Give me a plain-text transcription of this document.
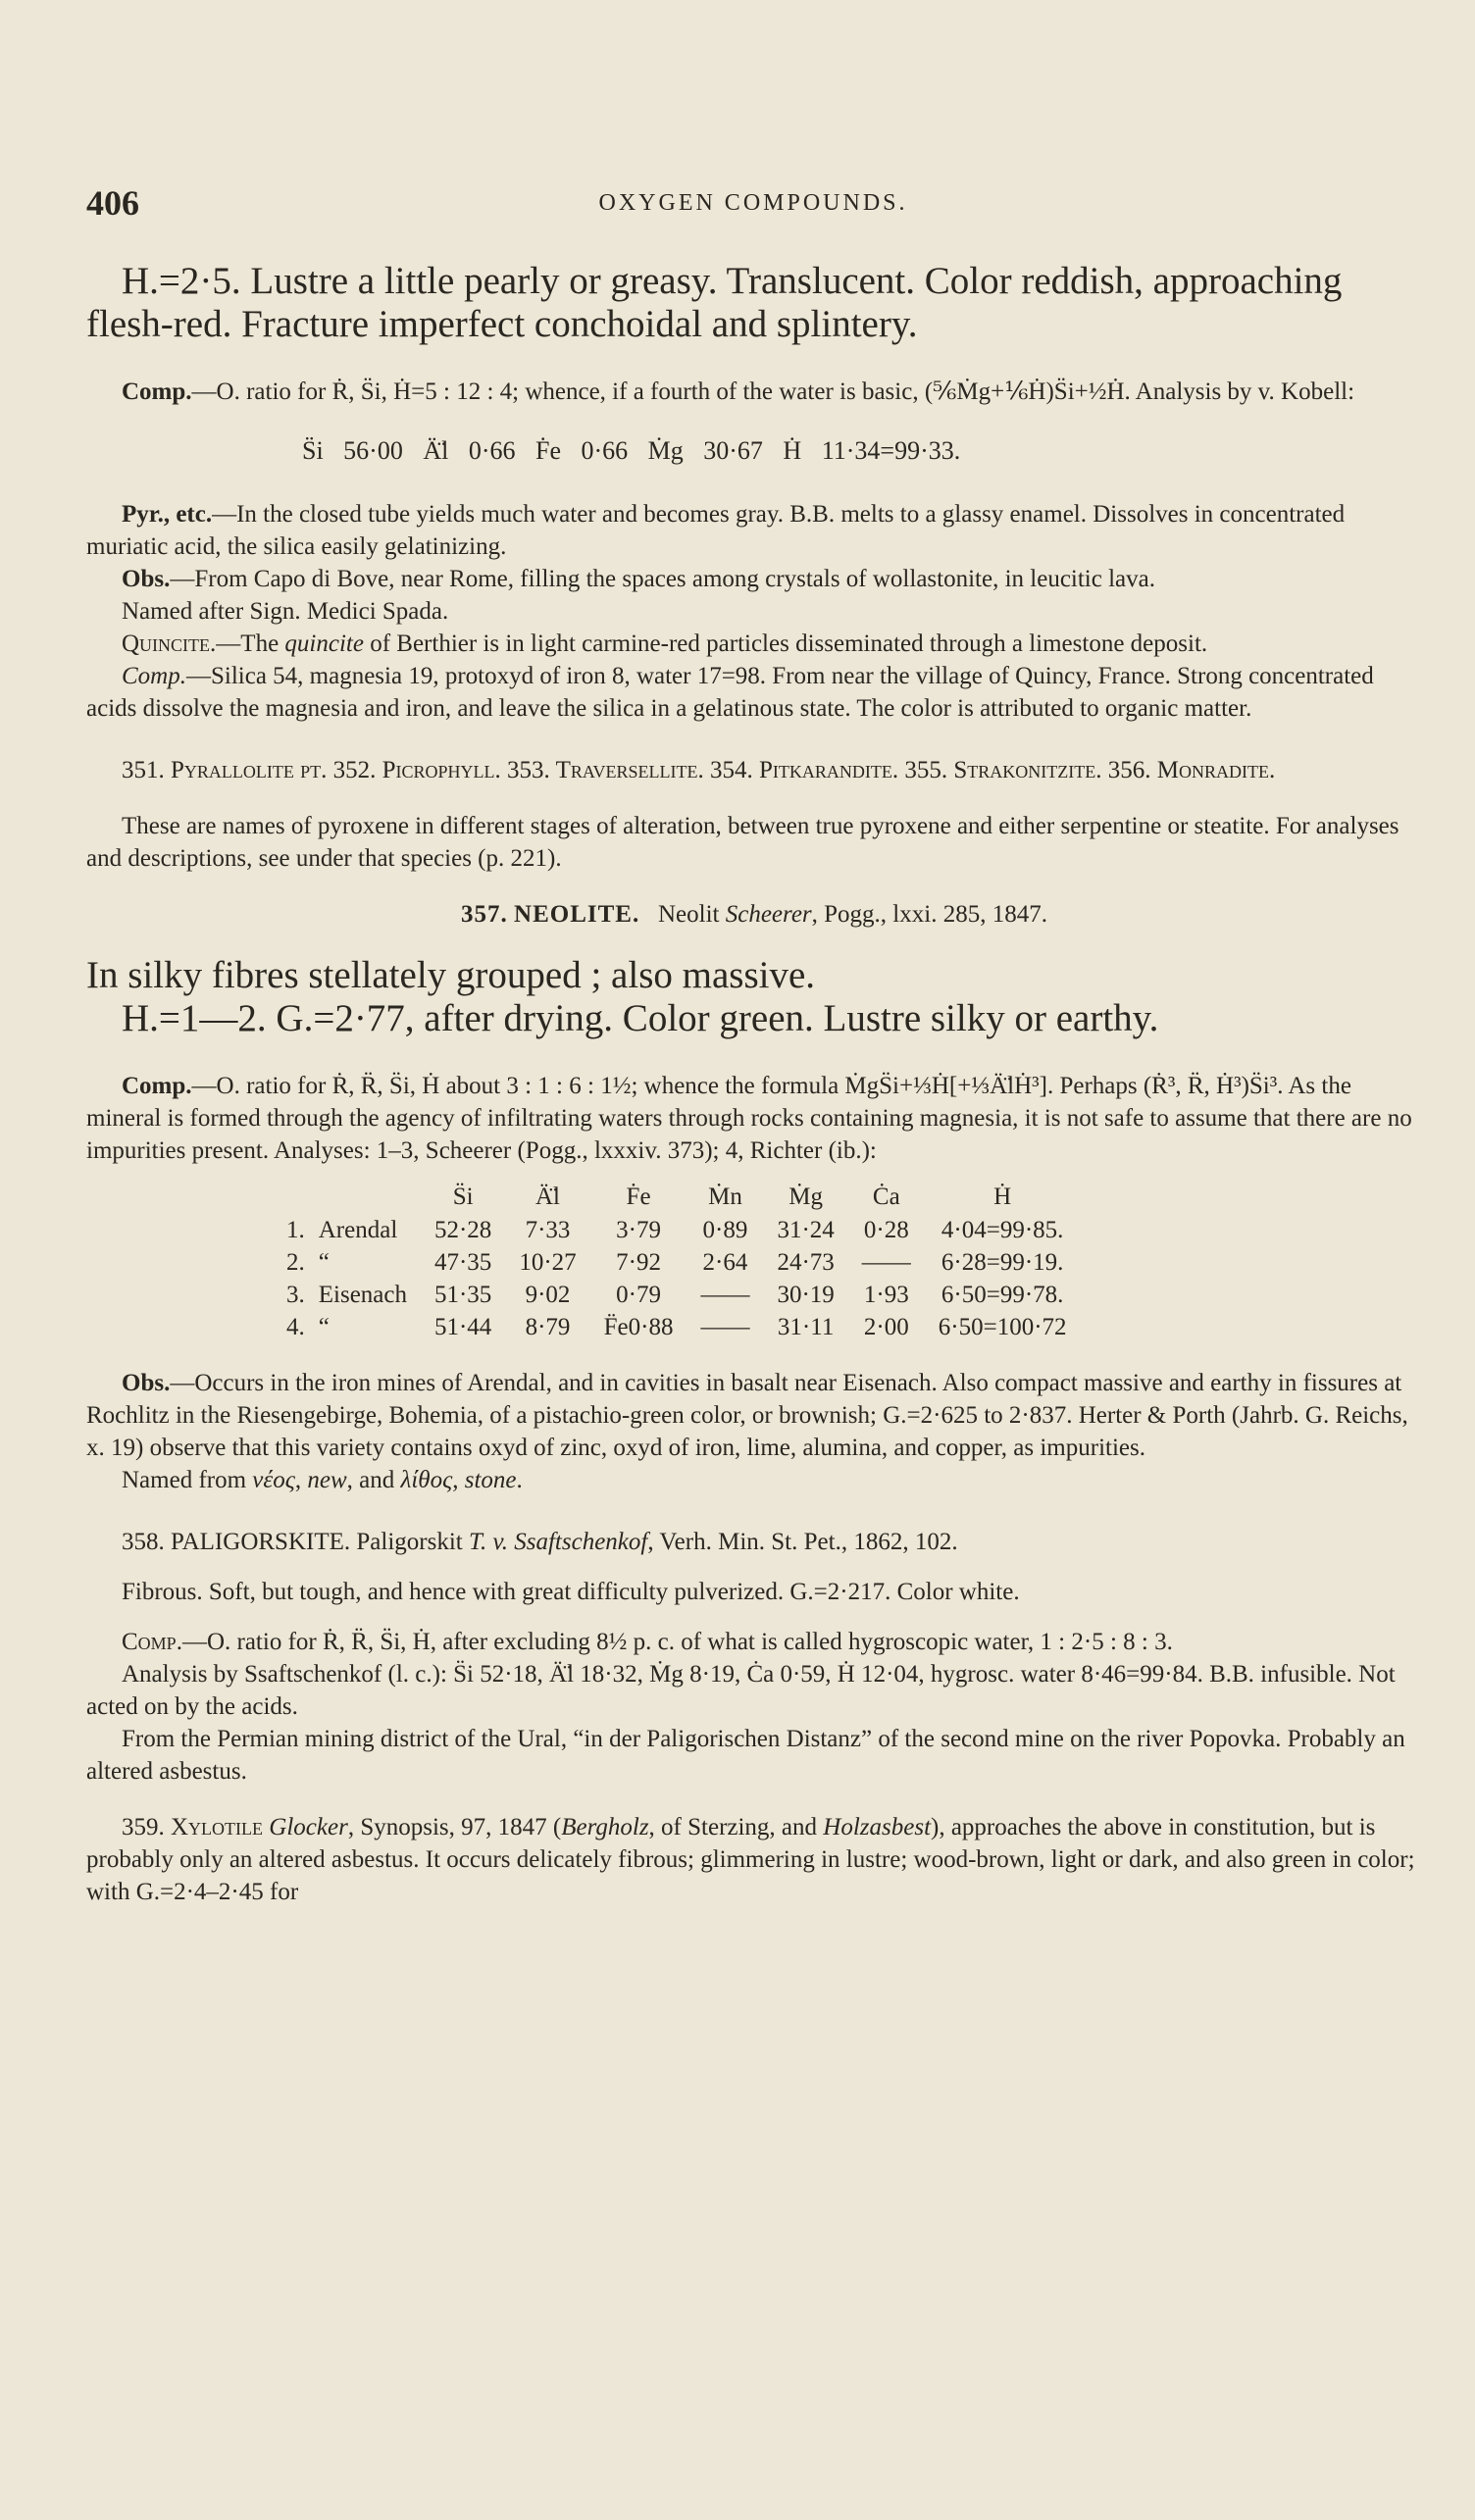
406	OXYGEN COMPOUNDS.

H.=2·5. Lustre a little pearly or greasy. Translucent. Color reddish, approaching flesh-red. Fracture imperfect conchoidal and splintery.

Comp.—O. ratio for Ṙ, S̈i, Ḣ=5 : 12 : 4; whence, if a fourth of the water is basic, (⅚Ṁg+⅙Ḣ)S̈i+½Ḣ. Analysis by v. Kobell:

S̈i 56·00 Ä̈l 0·66 Ḟe 0·66 Ṁg 30·67 Ḣ 11·34=99·33.

Pyr., etc.—In the closed tube yields much water and becomes gray. B.B. melts to a glassy enamel. Dissolves in concentrated muriatic acid, the silica easily gelatinizing.

Obs.—From Capo di Bove, near Rome, filling the spaces among crystals of wollastonite, in leucitic lava.

Named after Sign. Medici Spada.

Quincite.—The quincite of Berthier is in light carmine-red particles disseminated through a limestone deposit.

Comp.—Silica 54, magnesia 19, protoxyd of iron 8, water 17=98. From near the village of Quincy, France. Strong concentrated acids dissolve the magnesia and iron, and leave the silica in a gelatinous state. The color is attributed to organic matter.

351. Pyrallolite pt. 352. Picrophyll. 353. Traversellite. 354. Pitkarandite. 355. Strakonitzite. 356. Monradite.

These are names of pyroxene in different stages of alteration, between true pyroxene and either serpentine or steatite. For analyses and descriptions, see under that species (p. 221).

357. NEOLITE. Neolit Scheerer, Pogg., lxxi. 285, 1847.

In silky fibres stellately grouped ; also massive.

H.=1—2. G.=2·77, after drying. Color green. Lustre silky or earthy.

Comp.—O. ratio for Ṙ, R̈, S̈i, Ḣ about 3 : 1 : 6 : 1½; whence the formula ṀgS̈i+⅓Ḣ[+⅓Ä̈lḢ³]. Perhaps (Ṙ³, R̈, Ḣ³)S̈i³. As the mineral is formed through the agency of infiltrating waters through rocks containing magnesia, it is not safe to assume that there are no impurities present. Analyses: 1–3, Scheerer (Pogg., lxxxiv. 373); 4, Richter (ib.):

		S̈i	Ä̈l	Ḟe	Ṁn	Ṁg	Ċa	Ḣ
1.	Arendal	52·28	7·33	3·79	0·89	31·24	0·28	4·04=99·85.
2.	“	47·35	10·27	7·92	2·64	24·73	——	6·28=99·19.
3.	Eisenach	51·35	9·02	0·79	——	30·19	1·93	6·50=99·78.
4.	“	51·44	8·79	F̈e0·88	——	31·11	2·00	6·50=100·72

Obs.—Occurs in the iron mines of Arendal, and in cavities in basalt near Eisenach. Also compact massive and earthy in fissures at Rochlitz in the Riesengebirge, Bohemia, of a pistachio-green color, or brownish; G.=2·625 to 2·837. Herter & Porth (Jahrb. G. Reichs, x. 19) observe that this variety contains oxyd of zinc, oxyd of iron, lime, alumina, and copper, as impurities.

Named from νέος, new, and λίθος, stone.

358. PALIGORSKITE. Paligorskit T. v. Ssaftschenkof, Verh. Min. St. Pet., 1862, 102.

Fibrous. Soft, but tough, and hence with great difficulty pulverized. G.=2·217. Color white.

Comp.—O. ratio for Ṙ, R̈, S̈i, Ḣ, after excluding 8½ p. c. of what is called hygroscopic water, 1 : 2·5 : 8 : 3.

Analysis by Ssaftschenkof (l. c.): S̈i 52·18, Ä̈l 18·32, Ṁg 8·19, Ċa 0·59, Ḣ 12·04, hygrosc. water 8·46=99·84. B.B. infusible. Not acted on by the acids.

From the Permian mining district of the Ural, “in der Paligorischen Distanz” of the second mine on the river Popovka. Probably an altered asbestus.

359. Xylotile Glocker, Synopsis, 97, 1847 (Bergholz, of Sterzing, and Holzasbest), approaches the above in constitution, but is probably only an altered asbestus. It occurs delicately fibrous; glimmering in lustre; wood-brown, light or dark, and also green in color; with G.=2·4–2·45 for
